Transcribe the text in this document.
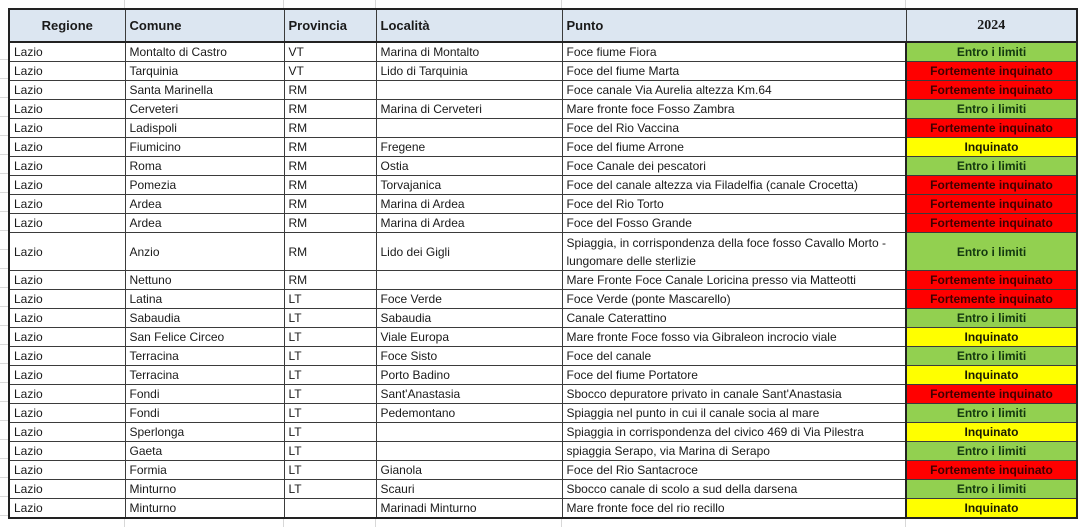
Regione	Comune	Provincia	Località	Punto	2024
Lazio	Montalto di Castro	VT	Marina di Montalto	Foce fiume Fiora	Entro i limiti
Lazio	Tarquinia	VT	Lido di Tarquinia	Foce del fiume Marta	Fortemente inquinato
Lazio	Santa Marinella	RM		Foce canale Via Aurelia altezza Km.64	Fortemente inquinato
Lazio	Cerveteri	RM	Marina di Cerveteri	Mare fronte foce Fosso Zambra	Entro i limiti
Lazio	Ladispoli	RM		Foce del Rio Vaccina	Fortemente inquinato
Lazio	Fiumicino	RM	Fregene	Foce del fiume Arrone	Inquinato
Lazio	Roma	RM	Ostia	Foce Canale dei pescatori	Entro i limiti
Lazio	Pomezia	RM	Torvajanica	Foce del canale altezza via Filadelfia (canale Crocetta)	Fortemente inquinato
Lazio	Ardea	RM	Marina di Ardea	Foce del Rio Torto	Fortemente inquinato
Lazio	Ardea	RM	Marina di Ardea	Foce del Fosso Grande	Fortemente inquinato
Lazio	Anzio	RM	Lido dei Gigli	Spiaggia, in corrispondenza della foce fosso Cavallo Morto - lungomare delle sterlizie	Entro i limiti
Lazio	Nettuno	RM		Mare Fronte Foce Canale Loricina presso via Matteotti	Fortemente inquinato
Lazio	Latina	LT	Foce Verde	Foce Verde (ponte Mascarello)	Fortemente inquinato
Lazio	Sabaudia	LT	Sabaudia	Canale Caterattino	Entro i limiti
Lazio	San Felice Circeo	LT	Viale Europa	Mare fronte Foce fosso via Gibraleon incrocio viale	Inquinato
Lazio	Terracina	LT	Foce Sisto	Foce del canale	Entro i limiti
Lazio	Terracina	LT	Porto Badino	Foce del fiume Portatore	Inquinato
Lazio	Fondi	LT	Sant'Anastasia	Sbocco depuratore privato in canale Sant'Anastasia	Fortemente inquinato
Lazio	Fondi	LT	Pedemontano	Spiaggia nel punto in cui il canale socia al mare	Entro i limiti
Lazio	Sperlonga	LT		Spiaggia in corrispondenza del civico 469 di Via Pilestra	Inquinato
Lazio	Gaeta	LT		spiaggia Serapo, via Marina di Serapo	Entro i limiti
Lazio	Formia	LT	Gianola	Foce del Rio Santacroce	Fortemente inquinato
Lazio	Minturno	LT	Scauri	Sbocco canale di scolo a sud della darsena	Entro i limiti
Lazio	Minturno		Marinadi Minturno	Mare fronte foce del rio recillo	Inquinato
